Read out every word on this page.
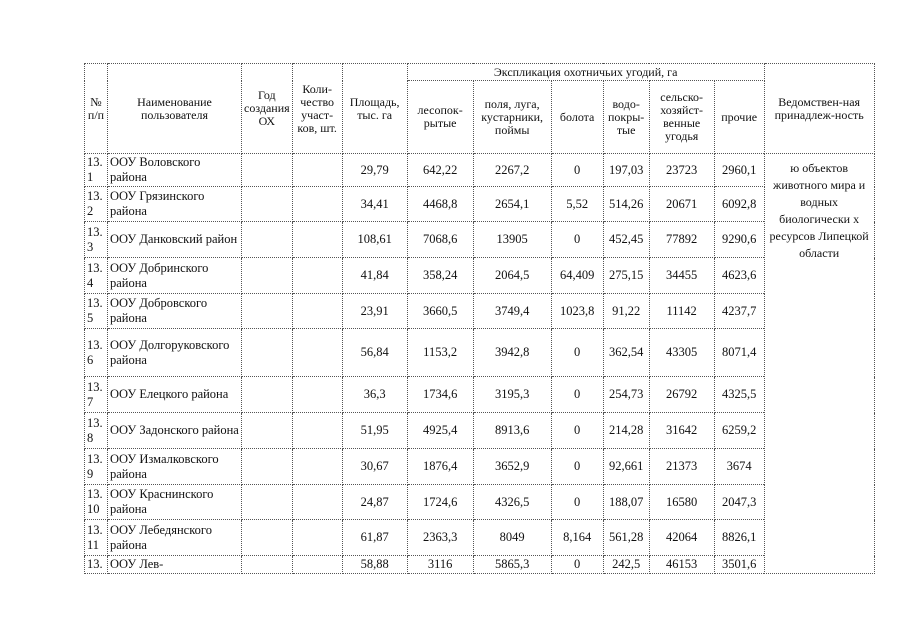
№ п/п	Наименование пользователя	Год создания ОХ	Коли-чество участ-ков, шт.	Площадь, тыс. га	Экспликация охотничьих угодий, га						Ведомствен-ная принадлеж-ность
					лесопок-рытые	поля, луга, кустарники, поймы	болота	водо-покры-тые	сельско-хозяйст-венные угодья	прочие	
13.1	ООУ Воловского района			29,79	642,22	2267,2	0	197,03	23723	2960,1	ю объектов животного мира и водных биологически х ресурсов Липецкой области
13.2	ООУ Грязинского района			34,41	4468,8	2654,1	5,52	514,26	20671	6092,8	
13.3	ООУ Данковский район			108,61	7068,6	13905	0	452,45	77892	9290,6	
13.4	ООУ Добринского района			41,84	358,24	2064,5	64,409	275,15	34455	4623,6	
13.5	ООУ Добровского района			23,91	3660,5	3749,4	1023,8	91,22	11142	4237,7	
13.6	ООУ Долгоруковского района			56,84	1153,2	3942,8	0	362,54	43305	8071,4	
13.7	ООУ Елецкого района			36,3	1734,6	3195,3	0	254,73	26792	4325,5	
13.8	ООУ Задонского района			51,95	4925,4	8913,6	0	214,28	31642	6259,2	
13.9	ООУ Измалковского района			30,67	1876,4	3652,9	0	92,661	21373	3674	
13.10	ООУ Краснинского района			24,87	1724,6	4326,5	0	188,07	16580	2047,3	
13.11	ООУ Лебедянского района			61,87	2363,3	8049	8,164	561,28	42064	8826,1	
13.	ООУ Лев-			58,88	3116	5865,3	0	242,5	46153	3501,6	
